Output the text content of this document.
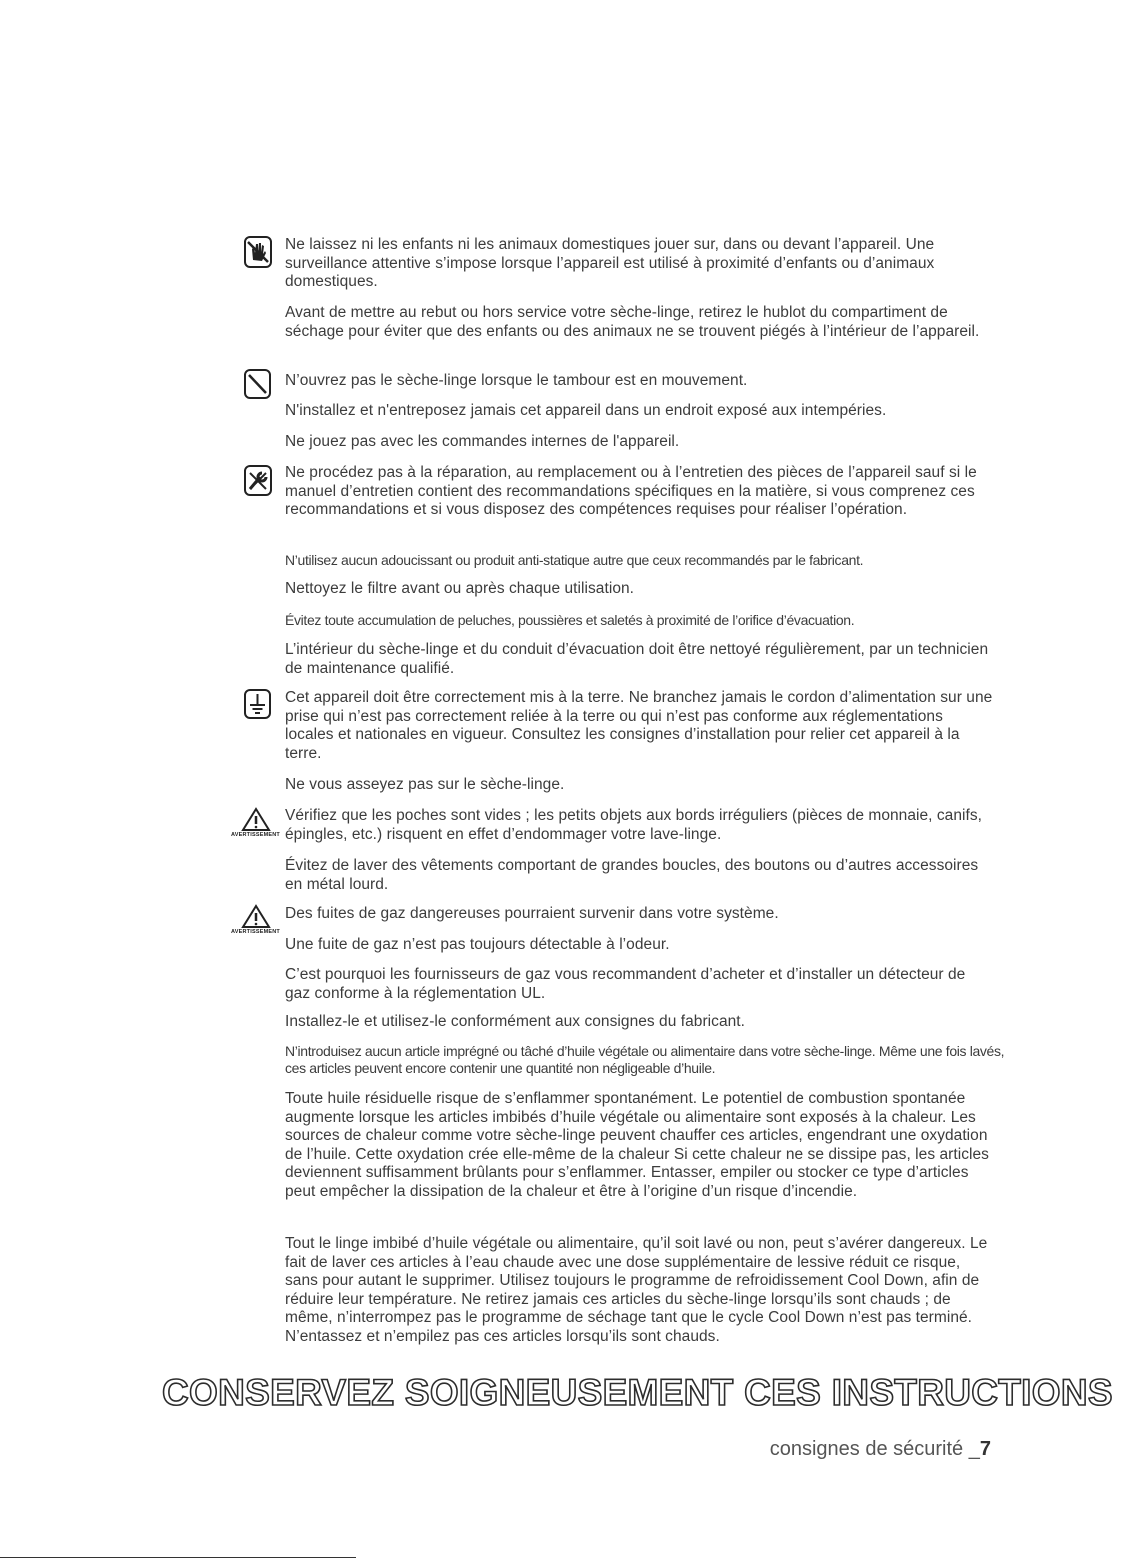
AVERTISSEMENT
AVERTISSEMENT
Ne laissez ni les enfants ni les animaux domestiques jouer sur, dans ou devant l’appareil. Une surveillance attentive s’impose lorsque l’appareil est utilisé à proximité d’enfants ou d’animaux domestiques.
Avant de mettre au rebut ou hors service votre sèche-linge, retirez le hublot du compartiment de séchage pour éviter que des enfants ou des animaux ne se trouvent piégés à l’intérieur de l’appareil.
N’ouvrez pas le sèche-linge lorsque le tambour est en mouvement.
N'installez et n'entreposez jamais cet appareil dans un endroit exposé aux intempéries.
Ne jouez pas avec les commandes internes de l'appareil.
Ne procédez pas à la réparation, au remplacement ou à l’entretien des pièces de l’appareil sauf si le manuel d’entretien contient des recommandations spécifiques en la matière, si vous comprenez ces recommandations et si vous disposez des compétences requises pour réaliser l’opération.
N’utilisez aucun adoucissant ou produit anti-statique autre que ceux recommandés par le fabricant.
Nettoyez le filtre avant ou après chaque utilisation.
Évitez toute accumulation de peluches, poussières et saletés à proximité de l’orifice d’évacuation.
L’intérieur du sèche-linge et du conduit d’évacuation doit être nettoyé régulièrement, par un technicien de maintenance qualifié.
Cet appareil doit être correctement mis à la terre. Ne branchez jamais le cordon d’alimentation sur une prise qui n’est pas correctement reliée à la terre ou qui n’est pas conforme aux réglementations locales et nationales en vigueur. Consultez les consignes d’installation pour relier cet appareil à la terre.
Ne vous asseyez pas sur le sèche-linge.
Vérifiez que les poches sont vides ; les petits objets aux bords irréguliers (pièces de monnaie, canifs, épingles, etc.) risquent en effet d’endommager votre lave-linge.
Évitez de laver des vêtements comportant de grandes boucles, des boutons ou d’autres accessoires en métal lourd.
Des fuites de gaz dangereuses pourraient survenir dans votre système.
Une fuite de gaz n’est pas toujours détectable à l’odeur.
C’est pourquoi les fournisseurs de gaz vous recommandent d’acheter et d’installer un détecteur de gaz conforme à la réglementation UL.
Installez-le et utilisez-le conformément aux consignes du fabricant.
N’introduisez aucun article imprégné ou tâché d’huile végétale ou alimentaire dans votre sèche-linge. Même une fois lavés, ces articles peuvent encore contenir une quantité non négligeable d’huile.
Toute huile résiduelle risque de s’enflammer spontanément. Le potentiel de combustion spontanée augmente lorsque les articles imbibés d’huile végétale ou alimentaire sont exposés à la chaleur. Les sources de chaleur comme votre sèche-linge peuvent chauffer ces articles, engendrant une oxydation de l’huile. Cette oxydation crée elle-même de la chaleur Si cette chaleur ne se dissipe pas, les articles deviennent suffisamment brûlants pour s’enflammer. Entasser, empiler ou stocker ce type d’articles peut empêcher la dissipation de la chaleur et être à l’origine d’un risque d’incendie.
Tout le linge imbibé d’huile végétale ou alimentaire, qu’il soit lavé ou non, peut s’avérer dangereux. Le fait de laver ces articles à l’eau chaude avec une dose supplémentaire de lessive réduit ce risque, sans pour autant le supprimer. Utilisez toujours le programme de refroidissement Cool Down, afin de réduire leur température. Ne retirez jamais ces articles du sèche-linge lorsqu’ils sont chauds ; de même, n’interrompez pas le programme de séchage tant que le cycle Cool Down n’est pas terminé. N’entassez et n’empilez pas ces articles lorsqu’ils sont chauds.
CONSERVEZ SOIGNEUSEMENT CES INSTRUCTIONS
consignes de sécurité _7
